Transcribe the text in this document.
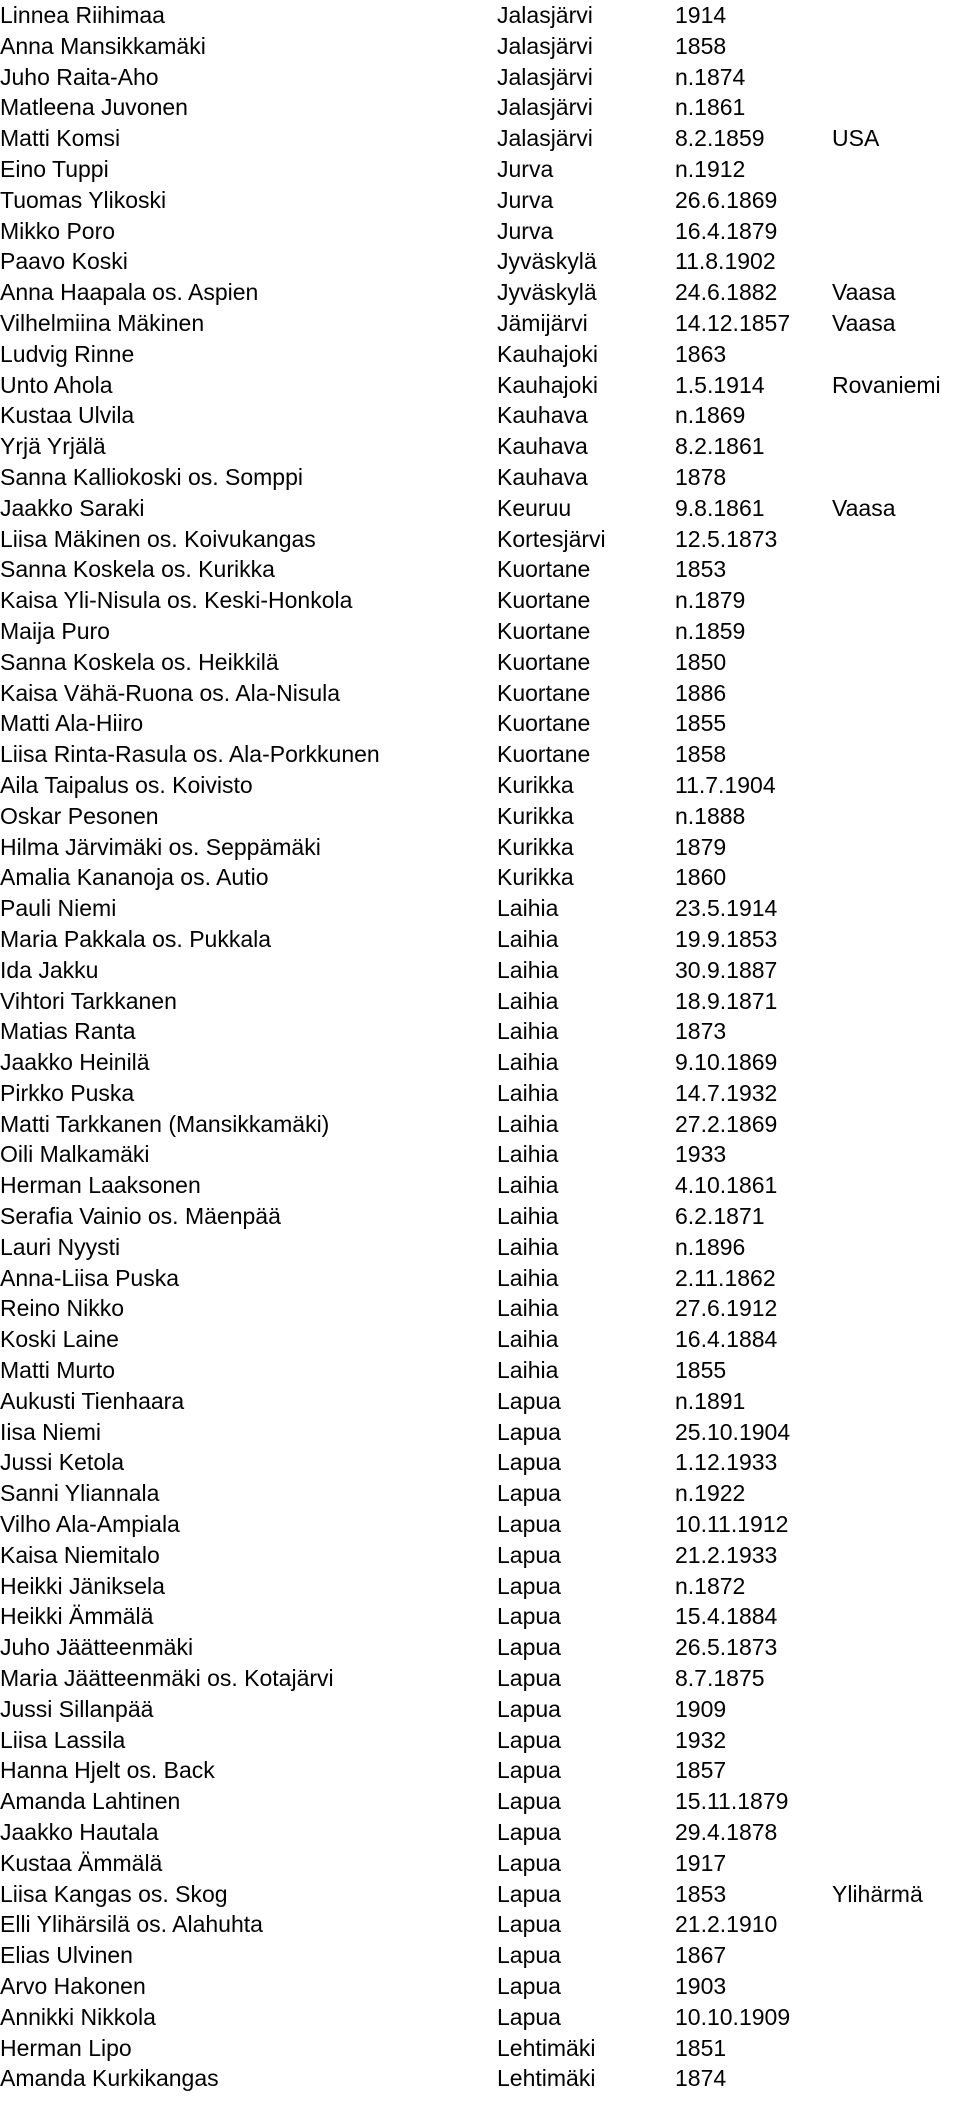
Linnea Riihimaa	Jalasjärvi	1914
Anna Mansikkamäki	Jalasjärvi	1858
Juho Raita-Aho	Jalasjärvi	n.1874
Matleena Juvonen	Jalasjärvi	n.1861
Matti Komsi	Jalasjärvi	8.2.1859	USA
Eino Tuppi	Jurva	n.1912
Tuomas Ylikoski	Jurva	26.6.1869
Mikko Poro	Jurva	16.4.1879
Paavo Koski	Jyväskylä	11.8.1902
Anna Haapala os. Aspien	Jyväskylä	24.6.1882 Vaasa
Vilhelmiina Mäkinen	Jämijärvi	14.12.1857 Vaasa
Ludvig Rinne	Kauhajoki	1863
Unto Ahola	Kauhajoki	1.5.1914	Rovaniemi
Kustaa Ulvila	Kauhava	n.1869
Yrjä Yrjälä	Kauhava	8.2.1861
Sanna Kalliokoski os. Somppi	Kauhava	1878
Jaakko Saraki	Keuruu	9.8.1861	Vaasa
Liisa Mäkinen os. Koivukangas	Kortesjärvi	12.5.1873
Sanna Koskela os. Kurikka	Kuortane	1853
Kaisa Yli-Nisula os. Keski-Honkola	Kuortane	n.1879
Maija Puro	Kuortane	n.1859
Sanna Koskela os. Heikkilä	Kuortane	1850
Kaisa Vähä-Ruona os. Ala-Nisula	Kuortane	1886
Matti Ala-Hiiro	Kuortane	1855
Liisa Rinta-Rasula os. Ala-Porkkunen	Kuortane	1858
Aila Taipalus os. Koivisto	Kurikka	11.7.1904
Oskar Pesonen	Kurikka	n.1888
Hilma Järvimäki os. Seppämäki	Kurikka	1879
Amalia Kananoja os. Autio	Kurikka	1860
Pauli Niemi	Laihia	23.5.1914
Maria Pakkala os. Pukkala	Laihia	19.9.1853
Ida Jakku	Laihia	30.9.1887
Vihtori Tarkkanen	Laihia	18.9.1871
Matias Ranta	Laihia	1873
Jaakko Heinilä	Laihia	9.10.1869
Pirkko Puska	Laihia	14.7.1932
Matti Tarkkanen (Mansikkamäki)	Laihia	27.2.1869
Oili Malkamäki	Laihia	1933
Herman Laaksonen	Laihia	4.10.1861
Serafia Vainio os. Mäenpää	Laihia	6.2.1871
Lauri Nyysti	Laihia	n.1896
Anna-Liisa Puska	Laihia	2.11.1862
Reino Nikko	Laihia	27.6.1912
Koski Laine	Laihia	16.4.1884
Matti Murto	Laihia	1855
Aukusti Tienhaara	Lapua	n.1891
Iisa Niemi	Lapua	25.10.1904
Jussi Ketola	Lapua	1.12.1933
Sanni Yliannala	Lapua	n.1922
Vilho Ala-Ampiala	Lapua	10.11.1912
Kaisa Niemitalo	Lapua	21.2.1933
Heikki Jäniksela	Lapua	n.1872
Heikki Ämmälä	Lapua	15.4.1884
Juho Jäätteenmäki	Lapua	26.5.1873
Maria Jäätteenmäki os. Kotajärvi	Lapua	8.7.1875
Jussi Sillanpää	Lapua	1909
Liisa Lassila	Lapua	1932
Hanna Hjelt os. Back	Lapua	1857
Amanda Lahtinen	Lapua	15.11.1879
Jaakko Hautala	Lapua	29.4.1878
Kustaa Ämmälä	Lapua	1917
Liisa Kangas os. Skog	Lapua	1853	Ylihärmä
Elli Ylihärsilä os. Alahuhta	Lapua	21.2.1910
Elias Ulvinen	Lapua	1867
Arvo Hakonen	Lapua	1903
Annikki Nikkola	Lapua	10.10.1909
Herman Lipo	Lehtimäki	1851
Amanda Kurkikangas	Lehtimäki	1874
